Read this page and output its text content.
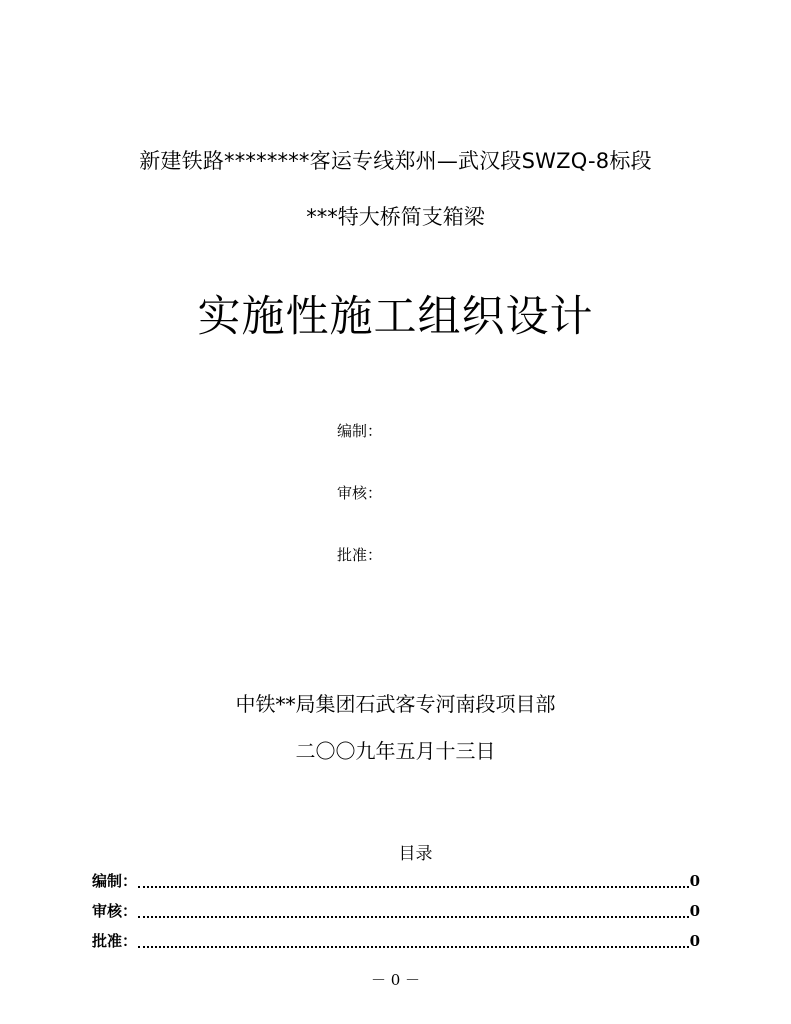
新建铁路********客运专线郑州—武汉段SWZQ-8标段
***特大桥简支箱梁
实施性施工组织设计
编制：
审核：
批准：
中铁**局集团石武客专河南段项目部
二〇〇九年五月十三日
目录
编制：	0
审核：	0
批准：	0
－ 0 －
